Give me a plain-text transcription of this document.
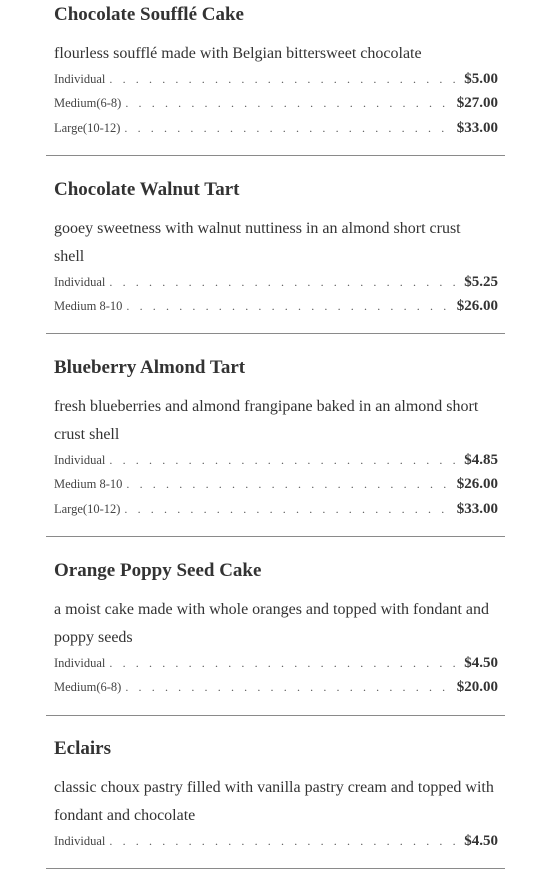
Chocolate Soufflé Cake
flourless soufflé made with Belgian bittersweet chocolate
Individual . . .	$5.00
Medium(6-8) . . .	$27.00
Large(10-12) . . .	$33.00
Chocolate Walnut Tart
gooey sweetness with walnut nuttiness in an almond short crust shell
Individual . . .	$5.25
Medium 8-10 . . .	$26.00
Blueberry Almond Tart
fresh blueberries and almond frangipane baked in an almond short crust shell
Individual . . .	$4.85
Medium 8-10 . . .	$26.00
Large(10-12) . . .	$33.00
Orange Poppy Seed Cake
a moist cake made with whole oranges and topped with fondant and poppy seeds
Individual . . .	$4.50
Medium(6-8) . . .	$20.00
Eclairs
classic choux pastry filled with vanilla pastry cream and topped with fondant and chocolate
Individual . . .	$4.50
